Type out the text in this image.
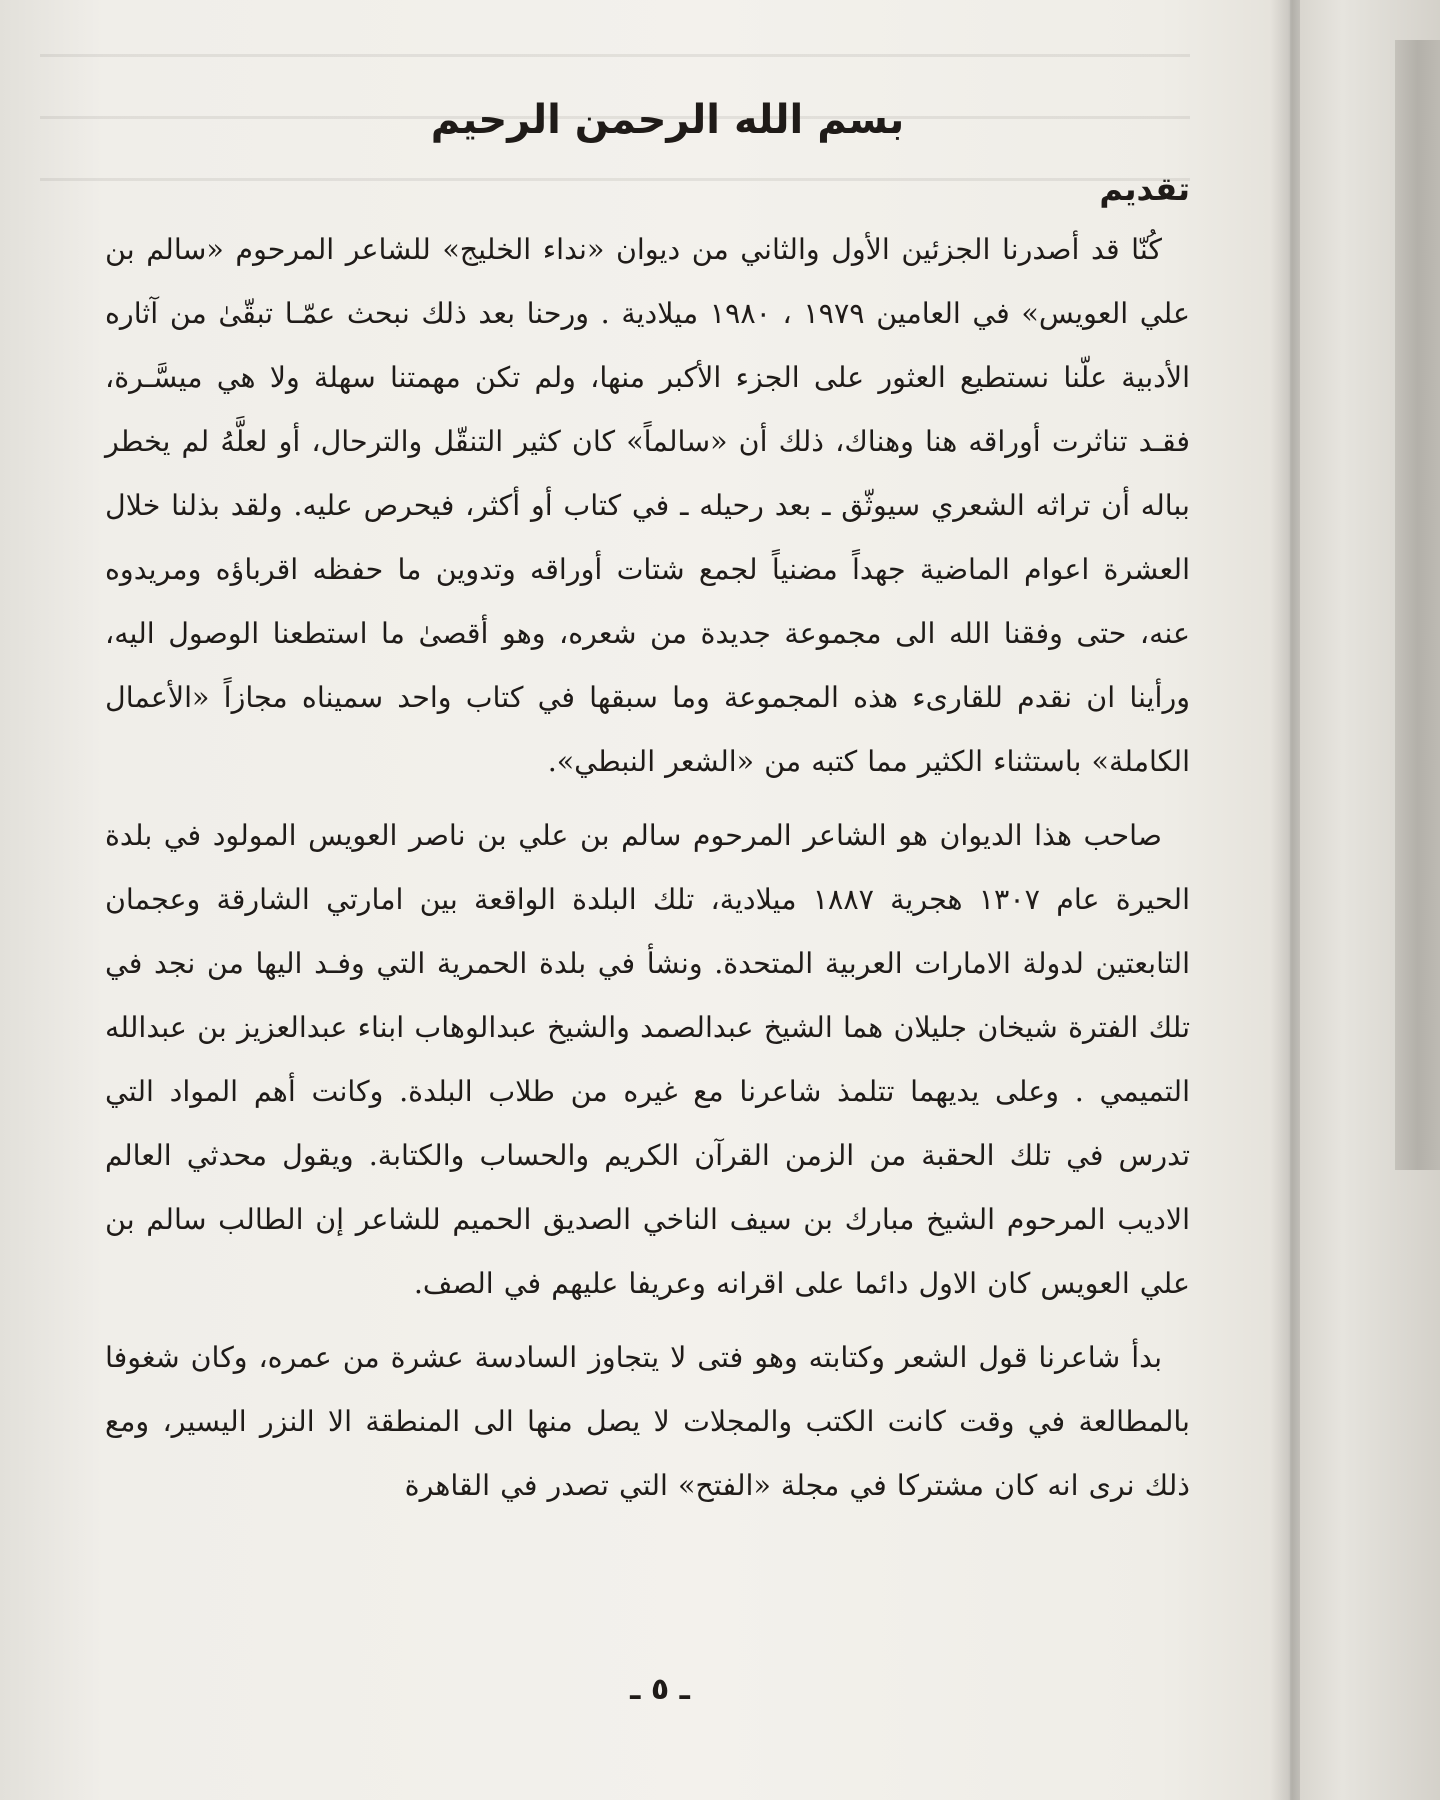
بسم الله الرحمن الرحيم
تقديم

كُنّا قد أصدرنا الجزئين الأول والثاني من ديوان «نداء الخليج» للشاعر المرحوم «سالم بن علي العويس» في العامين ١٩٧٩ ، ١٩٨٠ ميلادية . ورحنا بعد ذلك نبحث عمّـا تبقّىٰ من آثاره الأدبية علّنا نستطيع العثور على الجزء الأكبر منها، ولم تكن مهمتنا سهلة ولا هي ميسَّـرة، فقـد تناثرت أوراقه هنا وهناك، ذلك أن «سالماً» كان كثير التنقّل والترحال، أو لعلَّهُ لم يخطر بباله أن تراثه الشعري سيوثّق ـ بعد رحيله ـ في كتاب أو أكثر، فيحرص عليه. ولقد بذلنا خلال العشرة اعوام الماضية جهداً مضنياً لجمع شتات أوراقه وتدوين ما حفظه اقرباؤه ومريدوه عنه، حتى وفقنا الله الى مجموعة جديدة من شعره، وهو أقصىٰ ما استطعنا الوصول اليه، ورأينا ان نقدم للقارىء هذه المجموعة وما سبقها في كتاب واحد سميناه مجازاً «الأعمال الكاملة» باستثناء الكثير مما كتبه من «الشعر النبطي».

صاحب هذا الديوان هو الشاعر المرحوم سالم بن علي بن ناصر العويس المولود في بلدة الحيرة عام ١٣٠٧ هجرية ١٨٨٧ ميلادية، تلك البلدة الواقعة بين امارتي الشارقة وعجمان التابعتين لدولة الامارات العربية المتحدة. ونشأ في بلدة الحمرية التي وفـد اليها من نجد في تلك الفترة شيخان جليلان هما الشيخ عبدالصمد والشيخ عبدالوهاب ابناء عبدالعزيز بن عبدالله التميمي . وعلى يديهما تتلمذ شاعرنا مع غيره من طلاب البلدة. وكانت أهم المواد التي تدرس في تلك الحقبة من الزمن القرآن الكريم والحساب والكتابة. ويقول محدثي العالم الاديب المرحوم الشيخ مبارك بن سيف الناخي الصديق الحميم للشاعر إن الطالب سالم بن علي العويس كان الاول دائما على اقرانه وعريفا عليهم في الصف.

بدأ شاعرنا قول الشعر وكتابته وهو فتى لا يتجاوز السادسة عشرة من عمره، وكان شغوفا بالمطالعة في وقت كانت الكتب والمجلات لا يصل منها الى المنطقة الا النزر اليسير، ومع ذلك نرى انه كان مشتركا في مجلة «الفتح» التي تصدر في القاهرة

ـ ٥ ـ
